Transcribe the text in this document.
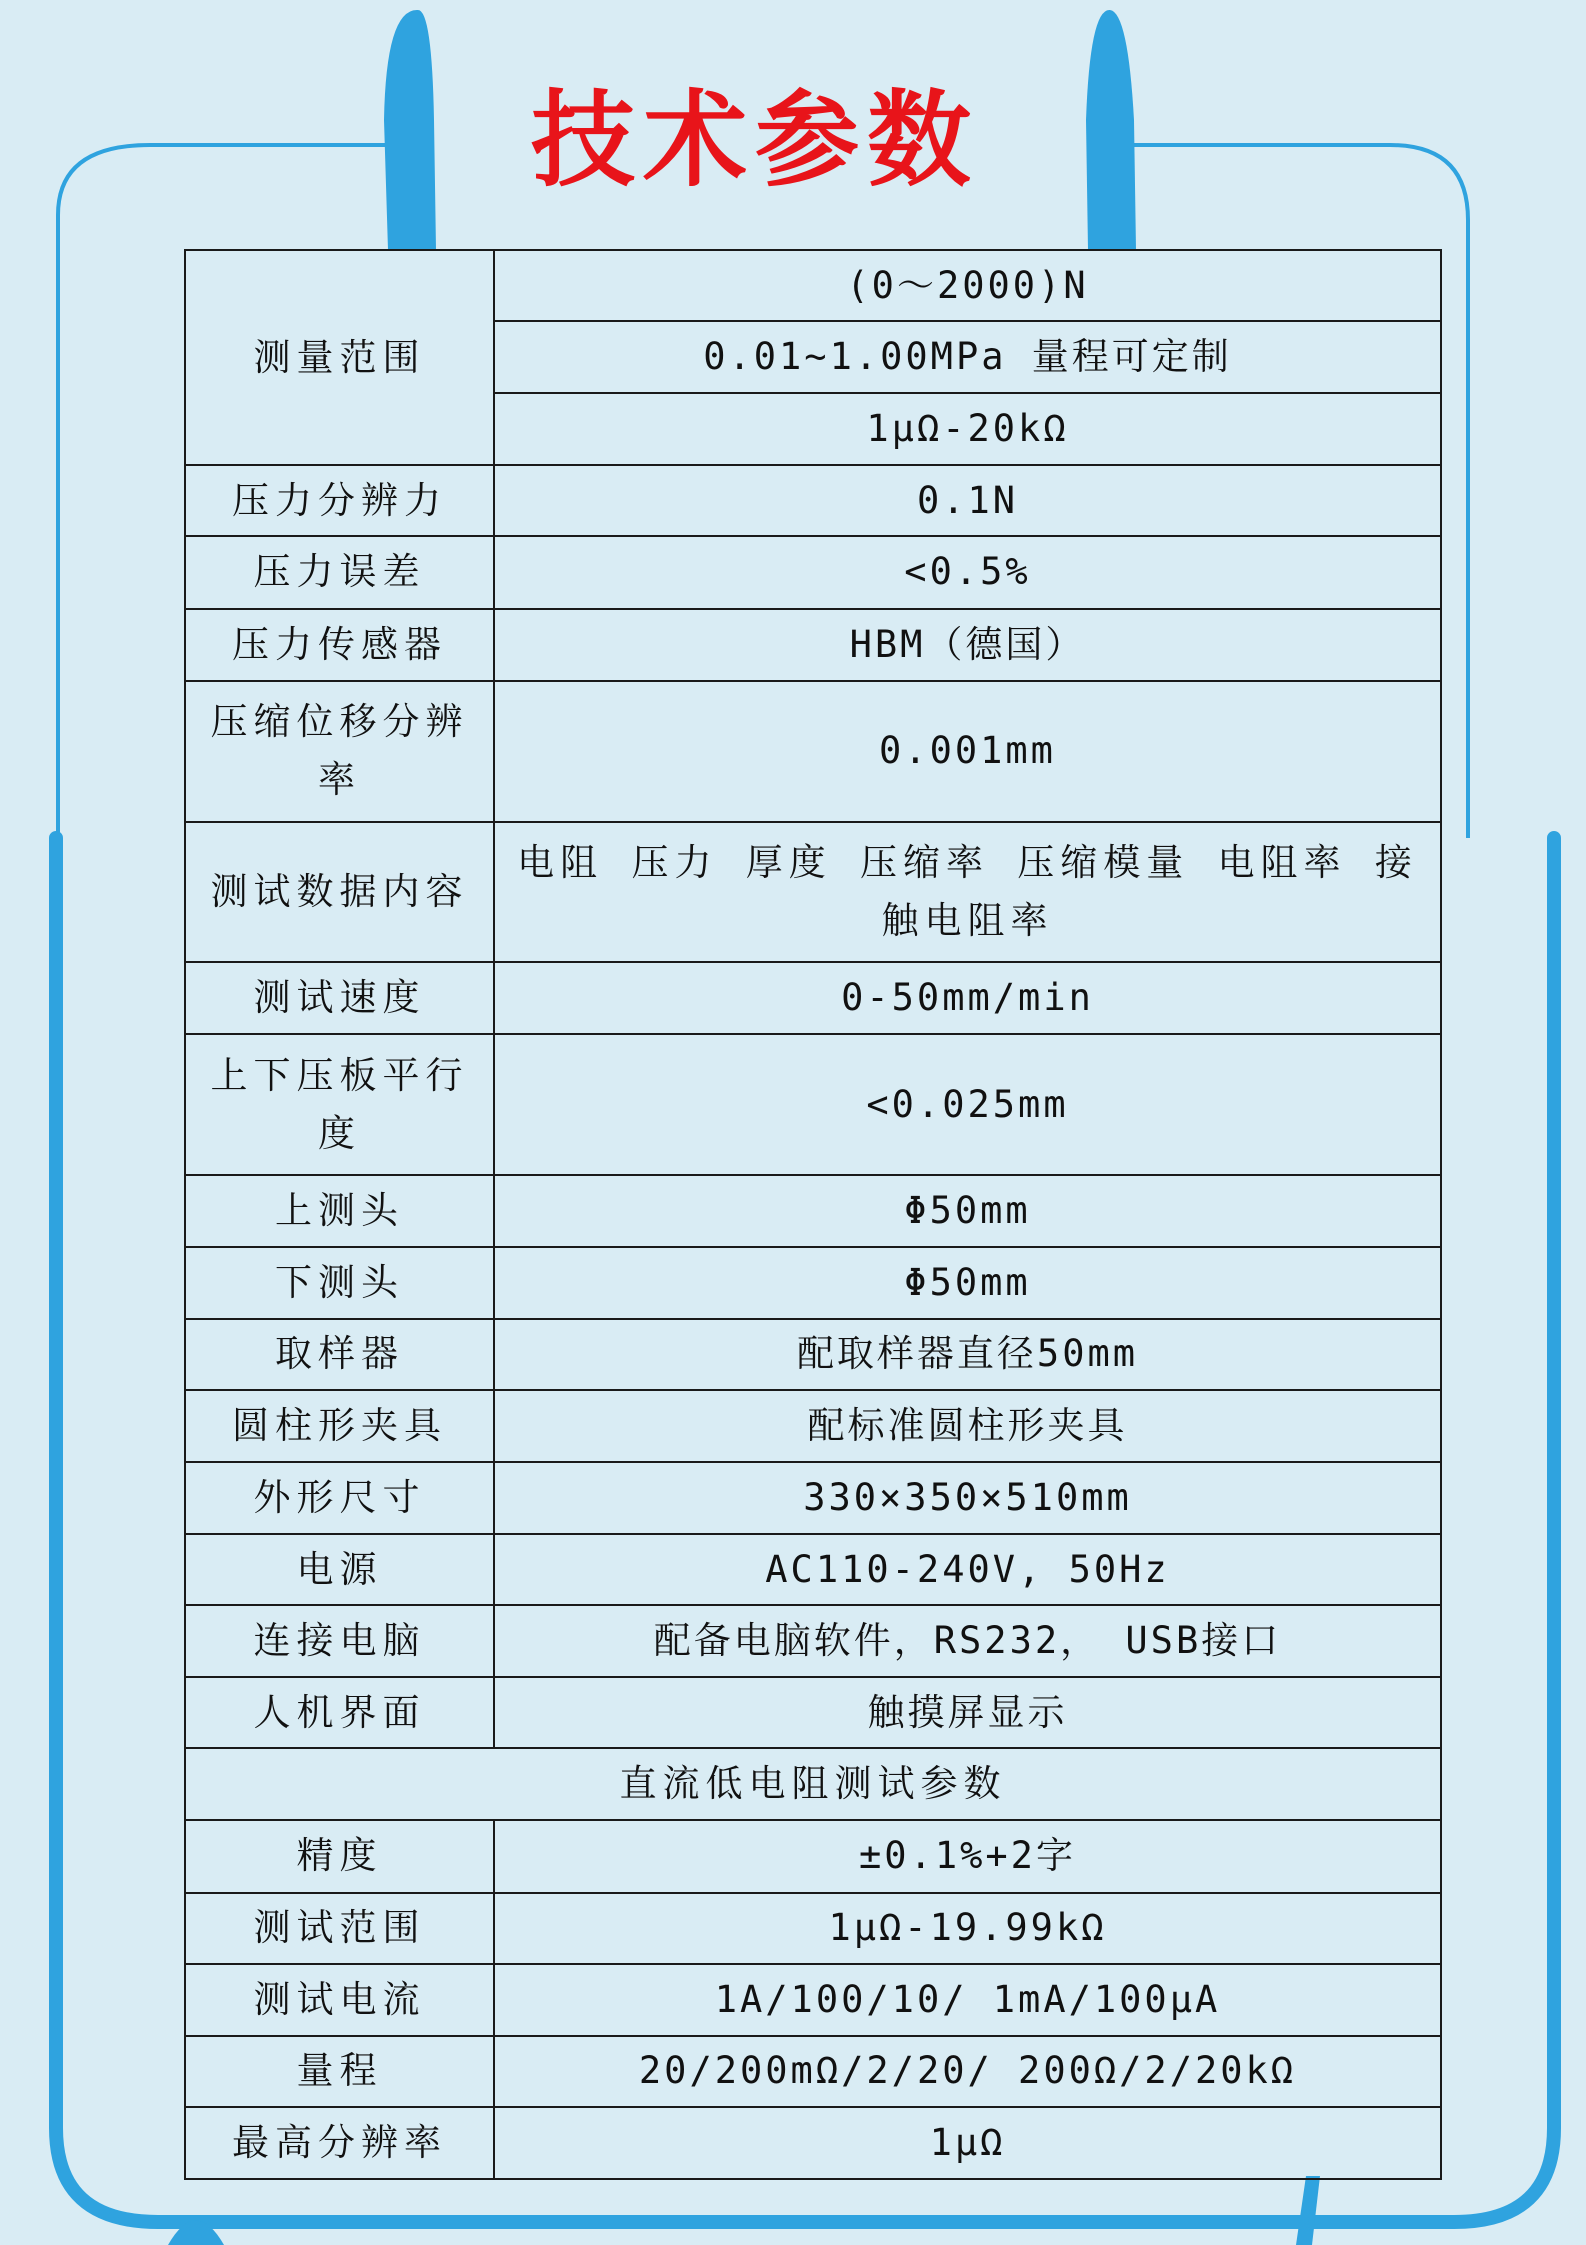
技术参数
测量范围	(0～2000)N
	0.01~1.00MPa 量程可定制
	1μΩ-20kΩ
压力分辨力	0.1N
压力误差	<0.5%
压力传感器	HBM（德国）
压缩位移分辨率	0.001mm
测试数据内容	电阻 压力 厚度 压缩率 压缩模量 电阻率 接触电阻率
测试速度	0-50mm/min
上下压板平行度	<0.025mm
上测头	Φ50mm
下测头	Φ50mm
取样器	配取样器直径50mm
圆柱形夹具	配标准圆柱形夹具
外形尺寸	330×350×510mm
电源	AC110-240V, 50Hz
连接电脑	配备电脑软件，RS232， USB接口
人机界面	触摸屏显示
直流低电阻测试参数	
精度	±0.1%+2字
测试范围	1μΩ-19.99kΩ
测试电流	1A/100/10/ 1mA/100μA
量程	20/200mΩ/2/20/ 200Ω/2/20kΩ
最高分辨率	1μΩ
